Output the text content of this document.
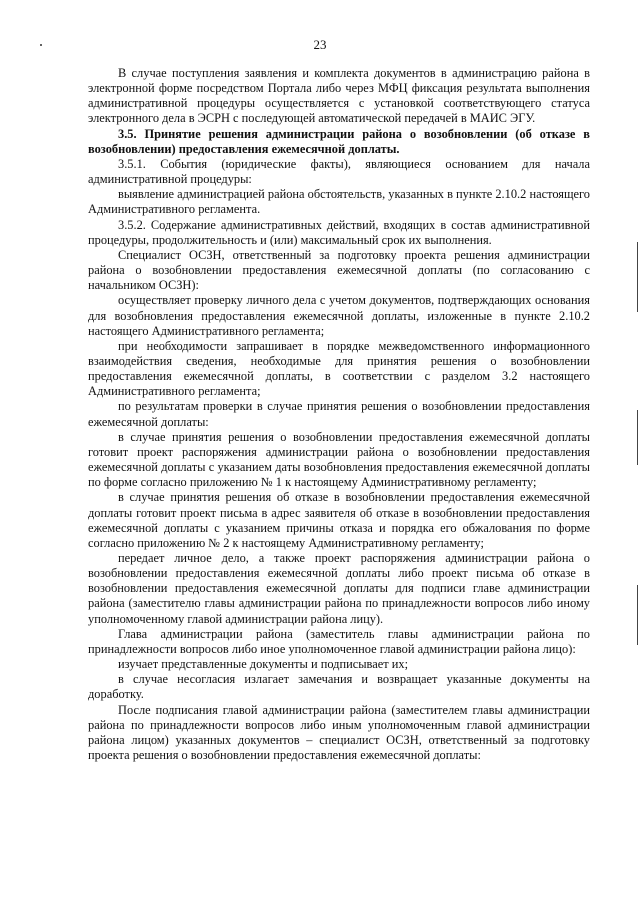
23

В случае поступления заявления и комплекта документов в администрацию района в электронной форме посредством Портала либо через МФЦ фиксация результата выполнения административной процедуры осуществляется с установкой соответствующего статуса электронного дела в ЭСРН с последующей автоматической передачей в МАИС ЭГУ.

3.5. Принятие решения администрации района о возобновлении (об отказе в возобновлении) предоставления ежемесячной доплаты.

3.5.1. События (юридические факты), являющиеся основанием для начала административной процедуры:

выявление администрацией района обстоятельств, указанных в пункте 2.10.2 настоящего Административного регламента.

3.5.2. Содержание административных действий, входящих в состав административной процедуры, продолжительность и (или) максимальный срок их выполнения.

Специалист ОСЗН, ответственный за подготовку проекта решения администрации района о возобновлении предоставления ежемесячной доплаты (по согласованию с начальником ОСЗН):

осуществляет проверку личного дела с учетом документов, подтверждающих основания для возобновления предоставления ежемесячной доплаты, изложенные в пункте 2.10.2 настоящего Административного регламента;

при необходимости запрашивает в порядке межведомственного информационного взаимодействия сведения, необходимые для принятия решения о возобновлении предоставления ежемесячной доплаты, в соответствии с разделом 3.2 настоящего Административного регламента;

по результатам проверки в случае принятия решения о возобновлении предоставления ежемесячной доплаты:

в случае принятия решения о возобновлении предоставления ежемесячной доплаты готовит проект распоряжения администрации района о возобновлении предоставления ежемесячной доплаты с указанием даты возобновления предоставления ежемесячной доплаты по форме согласно приложению № 1 к настоящему Административному регламенту;

в случае принятия решения об отказе в возобновлении предоставления ежемесячной доплаты готовит проект письма в адрес заявителя об отказе в возобновлении предоставления ежемесячной доплаты с указанием причины отказа и порядка его обжалования по форме согласно приложению № 2 к настоящему Административному регламенту;

передает личное дело, а также проект распоряжения администрации района о возобновлении предоставления ежемесячной доплаты либо проект письма об отказе в возобновлении предоставления ежемесячной доплаты для подписи главе администрации района (заместителю главы администрации района по принадлежности вопросов либо иному уполномоченному главой администрации района лицу).

Глава администрации района (заместитель главы администрации района по принадлежности вопросов либо иное уполномоченное главой администрации района лицо):

изучает представленные документы и подписывает их;

в случае несогласия излагает замечания и возвращает указанные документы на доработку.

После подписания главой администрации района (заместителем главы администрации района по принадлежности вопросов либо иным уполномоченным главой администрации района лицом) указанных документов – специалист ОСЗН, ответственный за подготовку проекта решения о возобновлении предоставления ежемесячной доплаты:
